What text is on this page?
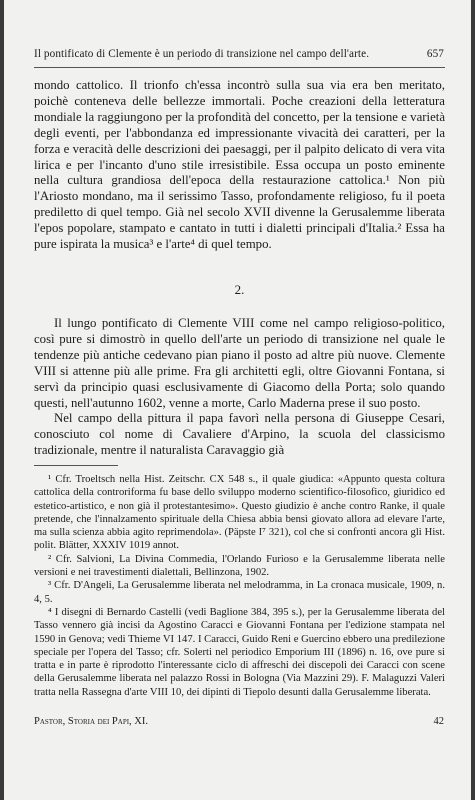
Il pontificato di Clemente è un periodo di transizione nel campo dell'arte.	657

mondo cattolico. Il trionfo ch'essa incontrò sulla sua via era ben meritato, poichè conteneva delle bellezze immortali. Poche creazioni della letteratura mondiale la raggiungono per la profondità del concetto, per la tensione e varietà degli eventi, per l'abbondanza ed impressionante vivacità dei caratteri, per la forza e veracità delle descrizioni dei paesaggi, per il palpito delicato di vera vita lirica e per l'incanto d'uno stile irresistibile. Essa occupa un posto eminente nella cultura grandiosa dell'epoca della restaurazione cattolica.¹ Non più l'Ariosto mondano, ma il serissimo Tasso, profondamente religioso, fu il poeta prediletto di quel tempo. Già nel secolo XVII divenne la Gerusalemme liberata l'epos popolare, stampato e cantato in tutti i dialetti principali d'Italia.² Essa ha pure ispirata la musica³ e l'arte⁴ di quel tempo.

2.

Il lungo pontificato di Clemente VIII come nel campo religioso-politico, così pure si dimostrò in quello dell'arte un periodo di transizione nel quale le tendenze più antiche cedevano pian piano il posto ad altre più nuove. Clemente VIII si attenne più alle prime. Fra gli architetti egli, oltre Giovanni Fontana, si servì da principio quasi esclusivamente di Giacomo della Porta; solo quando questi, nell'autunno 1602, venne a morte, Carlo Maderna prese il suo posto.

Nel campo della pittura il papa favorì nella persona di Giuseppe Cesari, conosciuto col nome di Cavaliere d'Arpino, la scuola del classicismo tradizionale, mentre il naturalista Caravaggio già

¹ Cfr. Troeltsch nella Hist. Zeitschr. CX 548 s., il quale giudica: «Appunto questa coltura cattolica della controriforma fu base dello sviluppo moderno scientifico-filosofico, giuridico ed estetico-artistico, e non già il protestantesimo». Questo giudizio è anche contro Ranke, il quale pretende, che l'innalzamento spirituale della Chiesa abbia bensì giovato allora ad elevare l'arte, ma sulla scienza abbia agito reprimendola». (Päpste I⁷ 321), col che si confronti ancora gli Hist. polit. Blätter, XXXIV 1019 annot.

² Cfr. Salvioni, La Divina Commedia, l'Orlando Furioso e la Gerusalemme liberata nelle versioni e nei travestimenti dialettali, Bellinzona, 1902.

³ Cfr. D'Angeli, La Gerusalemme liberata nel melodramma, in La cronaca musicale, 1909, n. 4, 5.

⁴ I disegni di Bernardo Castelli (vedi Baglione 384, 395 s.), per la Gerusalemme liberata del Tasso vennero già incisi da Agostino Caracci e Giovanni Fontana per l'edizione stampata nel 1590 in Genova; vedi Thieme VI 147. I Caracci, Guido Reni e Guercino ebbero una predilezione speciale per l'opera del Tasso; cfr. Solerti nel periodico Emporium III (1896) n. 16, ove pure si tratta e in parte è riprodotto l'interessante ciclo di affreschi dei discepoli dei Caracci con scene della Gerusalemme liberata nel palazzo Rossi in Bologna (Via Mazzini 29). F. Malaguzzi Valeri tratta nella Rassegna d'arte VIII 10, dei dipinti di Tiepolo desunti dalla Gerusalemme liberata.

Pastor, Storia dei Papi, XI.	42
